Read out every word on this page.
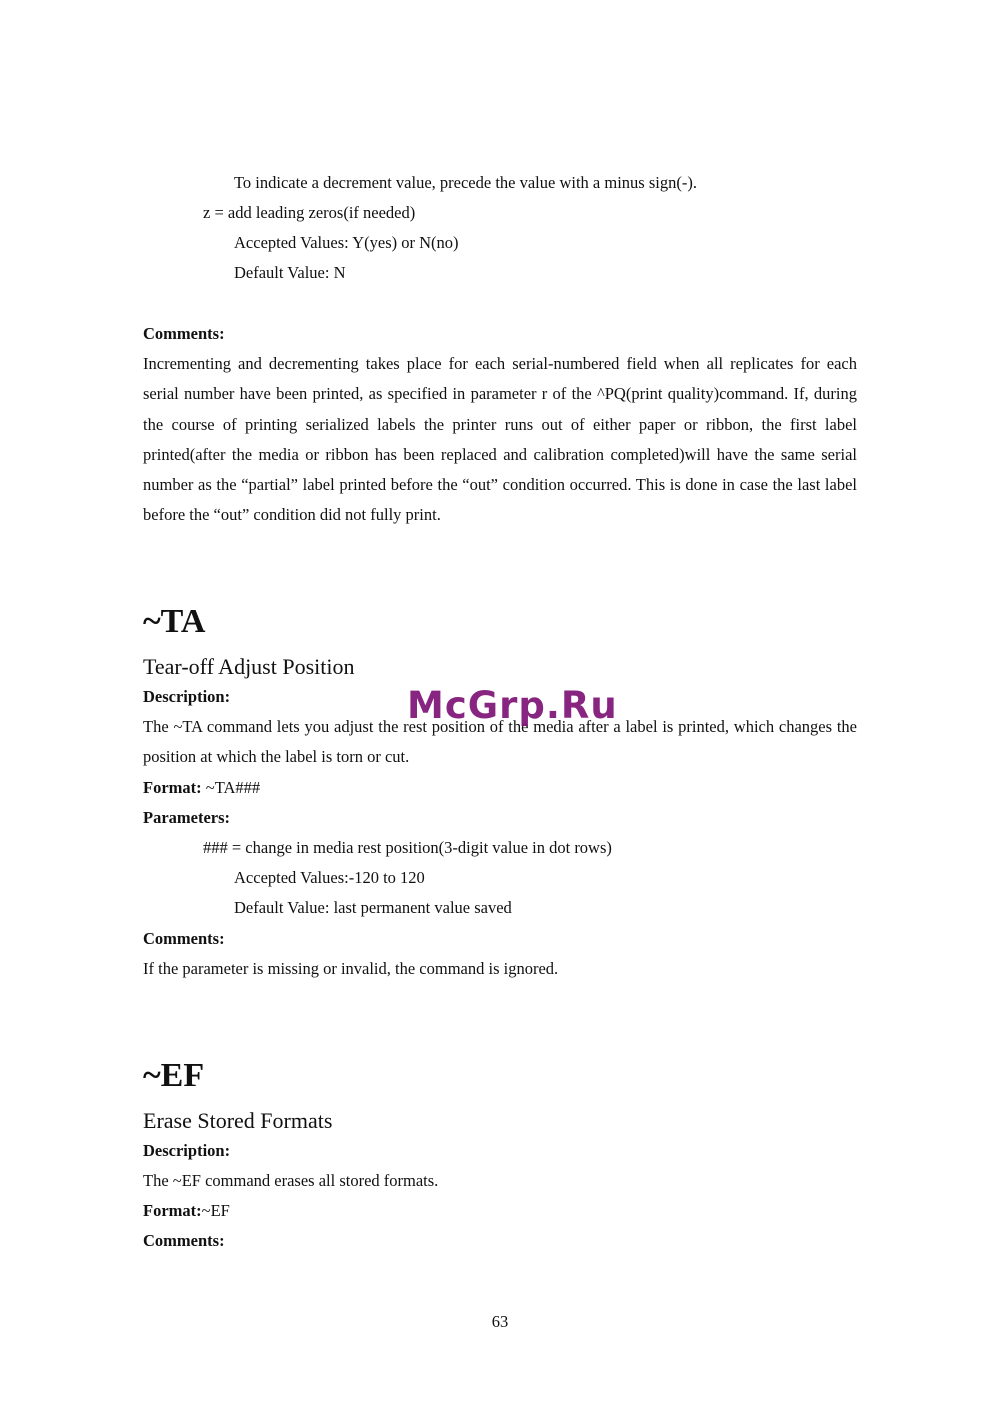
To indicate a decrement value, precede the value with a minus sign(-).
z = add leading zeros(if needed)
Accepted Values: Y(yes) or N(no)
Default Value: N
Comments:
Incrementing and decrementing takes place for each serial-numbered field when all replicates for each serial number have been printed, as specified in parameter r of the ^PQ(print quality)command. If, during the course of printing serialized labels the printer runs out of either paper or ribbon, the first label printed(after the media or ribbon has been replaced and calibration completed)will have the same serial number as the “partial” label printed before the “out” condition occurred. This is done in case the last label before the “out” condition did not fully print.
~TA
Tear-off Adjust Position
Description:
The ~TA command lets you adjust the rest position of the media after a label is printed, which changes the position at which the label is torn or cut.
Format: ~TA###
Parameters:
### = change in media rest position(3-digit value in dot rows)
Accepted Values:-120 to 120
Default Value: last permanent value saved
Comments:
If the parameter is missing or invalid, the command is ignored.
~EF
Erase Stored Formats
Description:
The ~EF command erases all stored formats.
Format:~EF
Comments:
McGrp.Ru
63
